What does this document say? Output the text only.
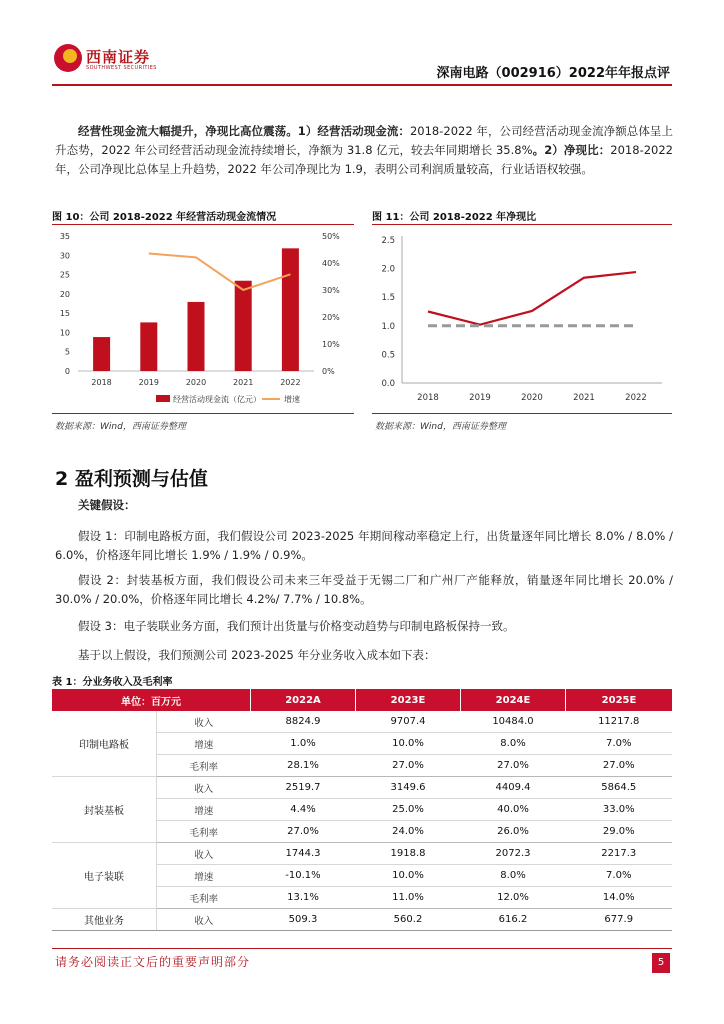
西南证券
SOUTHWEST SECURITIES	深南电路（002916）2022年年报点评
经营性现金流大幅提升，净现比高位震荡。1）经营活动现金流：2018-2022 年，公司经营活动现金流净额总体呈上升态势，2022 年公司经营活动现金流持续增长，净额为 31.8 亿元，较去年同期增长 35.8%。2）净现比：2018-2022 年，公司净现比总体呈上升趋势，2022 年公司净现比为 1.9，表明公司利润质量较高，行业话语权较强。
图 10：公司 2018-2022 年经营活动现金流情况
0
5
10
15
20
25
30
35
0%
10%
20%
30%
40%
50%
2018	2019	2020	2021	2022
经营活动现金流（亿元）	增速
数据来源：Wind，西南证券整理
图 11：公司 2018-2022 年净现比
0.0
0.5
1.0
1.5
2.0
2.5
2018	2019	2020	2021	2022
数据来源：Wind，西南证券整理
2 盈利预测与估值
关键假设：
假设 1：印制电路板方面，我们假设公司 2023-2025 年期间稼动率稳定上行，出货量逐年同比增长 8.0% / 8.0% / 6.0%，价格逐年同比增长 1.9% / 1.9% / 0.9%。
假设 2：封装基板方面，我们假设公司未来三年受益于无锡二厂和广州厂产能释放，销量逐年同比增长 20.0% / 30.0% / 20.0%，价格逐年同比增长 4.2%/ 7.7% / 10.8%。
假设 3：电子装联业务方面，我们预计出货量与价格变动趋势与印制电路板保持一致。
基于以上假设，我们预测公司 2023-2025 年分业务收入成本如下表：
表 1：分业务收入及毛利率
单位：百万元		2022A	2023E	2024E	2025E
印制电路板	收入	8824.9	9707.4	10484.0	11217.8
	增速	1.0%	10.0%	8.0%	7.0%
	毛利率	28.1%	27.0%	27.0%	27.0%
封装基板	收入	2519.7	3149.6	4409.4	5864.5
	增速	4.4%	25.0%	40.0%	33.0%
	毛利率	27.0%	24.0%	26.0%	29.0%
电子装联	收入	1744.3	1918.8	2072.3	2217.3
	增速	-10.1%	10.0%	8.0%	7.0%
	毛利率	13.1%	11.0%	12.0%	14.0%
其他业务	收入	509.3	560.2	616.2	677.9
请务必阅读正文后的重要声明部分	5
